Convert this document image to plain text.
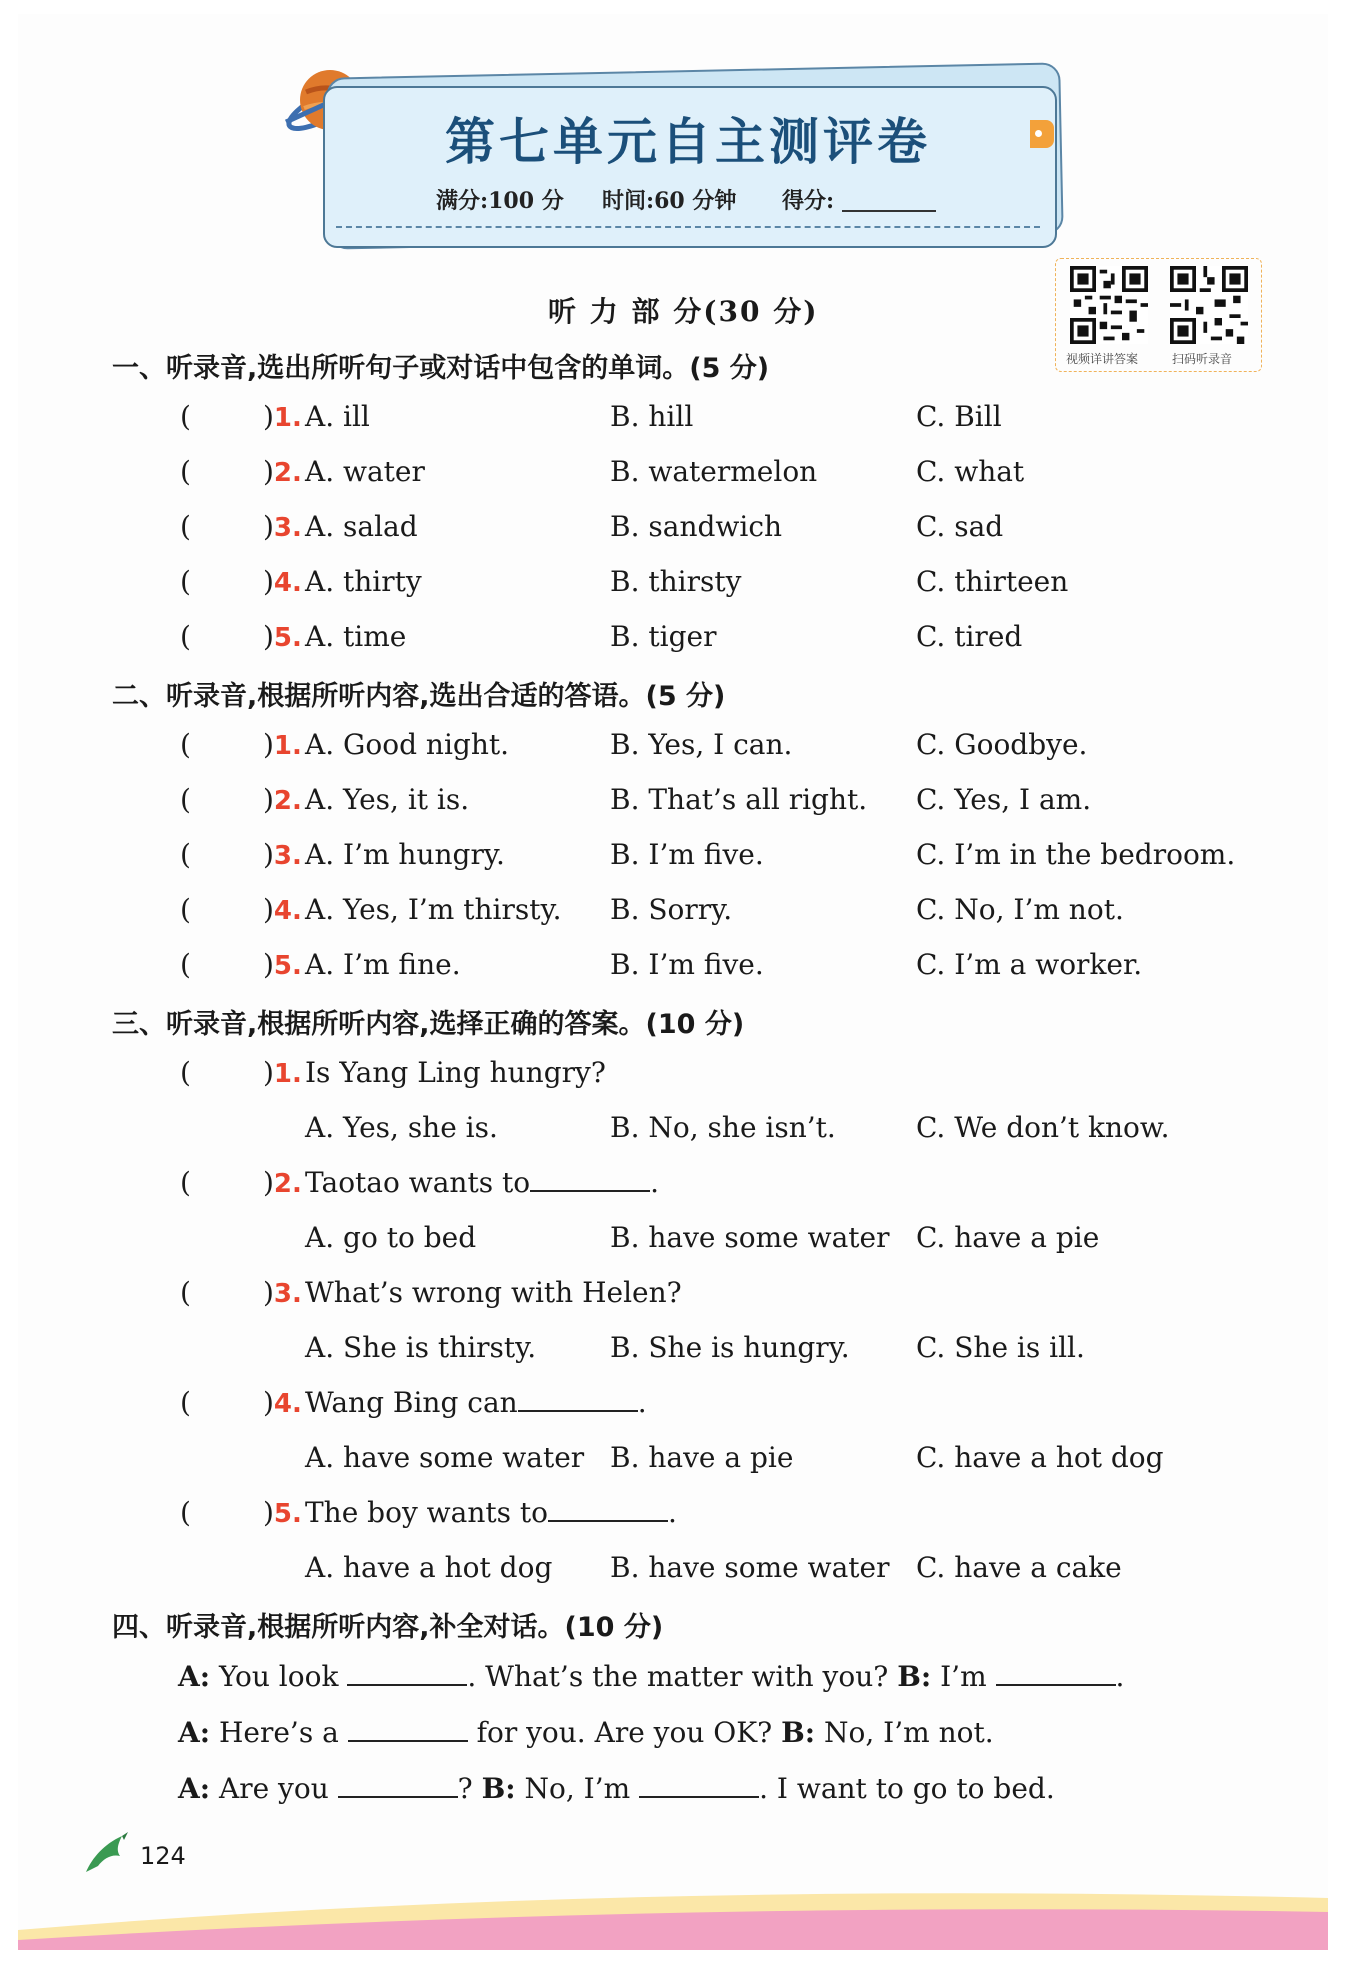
第七单元自主测评卷
满分:100 分 时间:60 分钟 得分:
视频详讲答案	扫码听录音
听 力 部 分(30 分)
一、听录音,选出所听句子或对话中包含的单词。(5 分)
(	)1. A. ill	B. hill	C. Bill
(	)2. A. water	B. watermelon	C. what
(	)3. A. salad	B. sandwich	C. sad
(	)4. A. thirty	B. thirsty	C. thirteen
(	)5. A. time	B. tiger	C. tired
二、听录音,根据所听内容,选出合适的答语。(5 分)
(	)1. A. Good night.	B. Yes, I can.	C. Goodbye.
(	)2. A. Yes, it is.	B. That’s all right. C. Yes, I am.
(	)3. A. I’m hungry.	B. I’m five.	C. I’m in the bedroom.
(	)4. A. Yes, I’m thirsty. B. Sorry.	C. No, I’m not.
(	)5. A. I’m fine.	B. I’m five.	C. I’m a worker.
三、听录音,根据所听内容,选择正确的答案。(10 分)
(	)1. Is Yang Ling hungry?
A. Yes, she is.	B. No, she isn’t.	C. We don’t know.
(	)2. Taotao wants to	.
A. go to bed	B. have some water C. have a pie
(	)3. What’s wrong with Helen?
A. She is thirsty.	B. She is hungry. C. She is ill.
(	)4. Wang Bing can	.
A. have some water B. have a pie	C. have a hot dog
(	)5. The boy wants to	.
A. have a hot dog B. have some water C. have a cake
四、听录音,根据所听内容,补全对话。(10 分)
A: You look	. What’s the matter with you? B: I’m	.
A: Here’s a	for you. Are you OK? B: No, I’m not.
A: Are you	? B: No, I’m	. I want to go to bed.
124
